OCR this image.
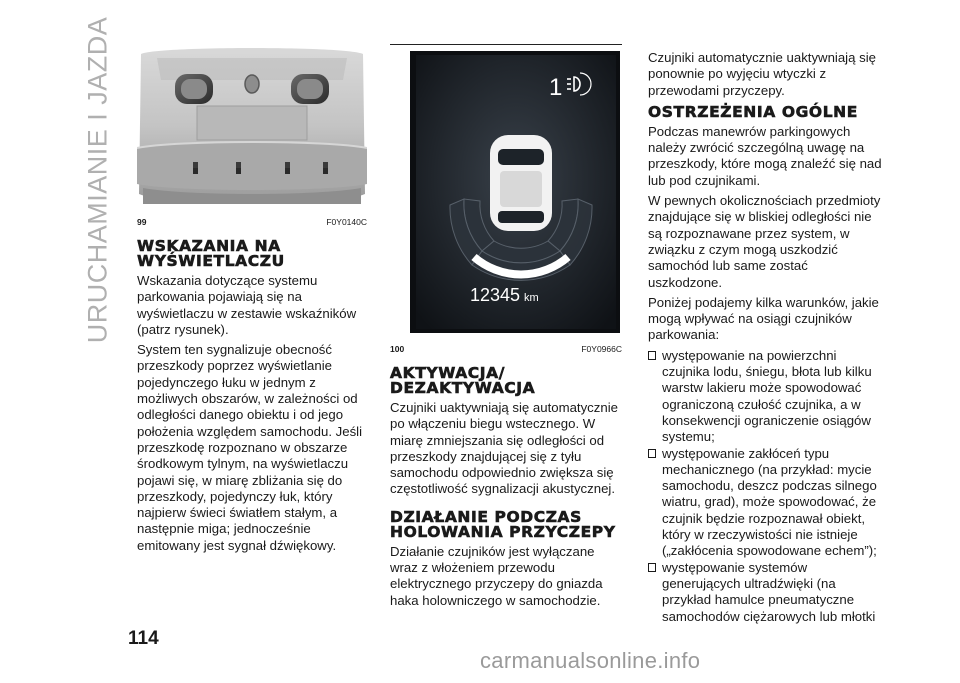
URUCHAMIANIE I JAZDA	99	F0Y0140C
WSKAZANIA NA WYŚWIETLACZU

Wskazania dotyczące systemu parkowania pojawiają się na wyświetlaczu w zestawie wskaźników (patrz rysunek).

System ten sygnalizuje obecność przeszkody poprzez wyświetlanie pojedynczego łuku w jednym z możliwych obszarów, w zależności od odległości danego obiektu i od jego położenia względem samochodu. Jeśli przeszkodę rozpoznano w obszarze środkowym tylnym, na wyświetlaczu pojawi się, w miarę zbliżania się do przeszkody, pojedynczy łuk, który najpierw świeci światłem stałym, a następnie miga; jednocześnie emitowany jest sygnał dźwiękowy.

1
12345 km
100	F0Y0966C
AKTYWACJA/ DEZAKTYWACJA

Czujniki uaktywniają się automatycznie po włączeniu biegu wstecznego. W miarę zmniejszania się odległości od przeszkody znajdującej się z tyłu samochodu odpowiednio zwiększa się częstotliwość sygnalizacji akustycznej.

DZIAŁANIE PODCZAS HOLOWANIA PRZYCZEPY

Działanie czujników jest wyłączane wraz z włożeniem przewodu elektrycznego przyczepy do gniazda haka holowniczego w samochodzie.

Czujniki automatycznie uaktywniają się ponownie po wyjęciu wtyczki z przewodami przyczepy.

OSTRZEŻENIA OGÓLNE

Podczas manewrów parkingowych należy zwrócić szczególną uwagę na przeszkody, które mogą znaleźć się nad lub pod czujnikami.

W pewnych okolicznościach przedmioty znajdujące się w bliskiej odległości nie są rozpoznawane przez system, w związku z czym mogą uszkodzić samochód lub same zostać uszkodzone.

Poniżej podajemy kilka warunków, jakie mogą wpływać na osiągi czujników parkowania:

występowanie na powierzchni czujnika lodu, śniegu, błota lub kilku warstw lakieru może spowodować ograniczoną czułość czujnika, a w konsekwencji ograniczenie osiągów systemu;
występowanie zakłóceń typu mechanicznego (na przykład: mycie samochodu, deszcz podczas silnego wiatru, grad), może spowodować, że czujnik będzie rozpoznawał obiekt, który w rzeczywistości nie istnieje („zakłócenia spowodowane echem”);
występowanie systemów generujących ultradźwięki (na przykład hamulce pneumatyczne samochodów ciężarowych lub młotki
114
carmanualsonline.info
